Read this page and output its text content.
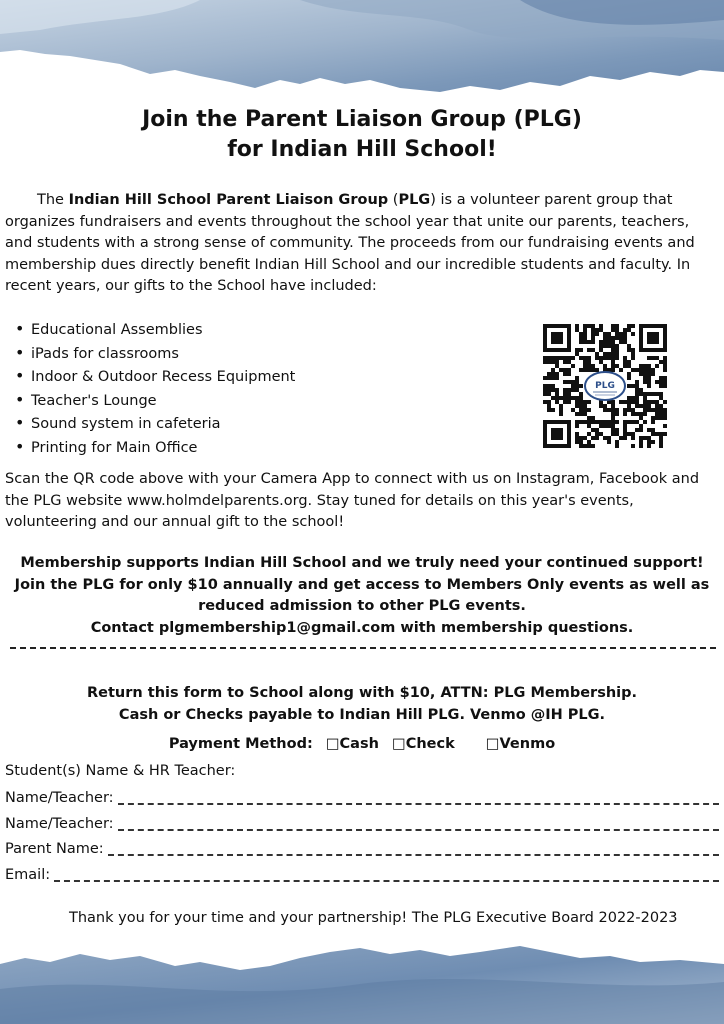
Join the Parent Liaison Group (PLG)
for Indian Hill School!
The Indian Hill School Parent Liaison Group (PLG) is a volunteer parent group that organizes fundraisers and events throughout the school year that unite our parents, teachers, and students with a strong sense of community. The proceeds from our fundraising events and membership dues directly benefit Indian Hill School and our incredible students and faculty. In recent years, our gifts to the School have included:
• Educational Assemblies
• iPads for classrooms
• Indoor & Outdoor Recess Equipment
• Teacher's Lounge
• Sound system in cafeteria
• Printing for Main Office
PLG
Scan the QR code above with your Camera App to connect with us on Instagram, Facebook and the PLG website www.holmdelparents.org. Stay tuned for details on this year's events, volunteering and our annual gift to the school!
Membership supports Indian Hill School and we truly need your continued support! Join the PLG for only $10 annually and get access to Members Only events as well as reduced admission to other PLG events.
Contact plgmembership1@gmail.com with membership questions.
Return this form to School along with $10, ATTN: PLG Membership.
Cash or Checks payable to Indian Hill PLG. Venmo @IH PLG.
Payment Method: □Cash □Check □Venmo
Student(s) Name & HR Teacher:
Name/Teacher:
Name/Teacher:
Parent Name:
Email:
Thank you for your time and your partnership! The PLG Executive Board 2022-2023
